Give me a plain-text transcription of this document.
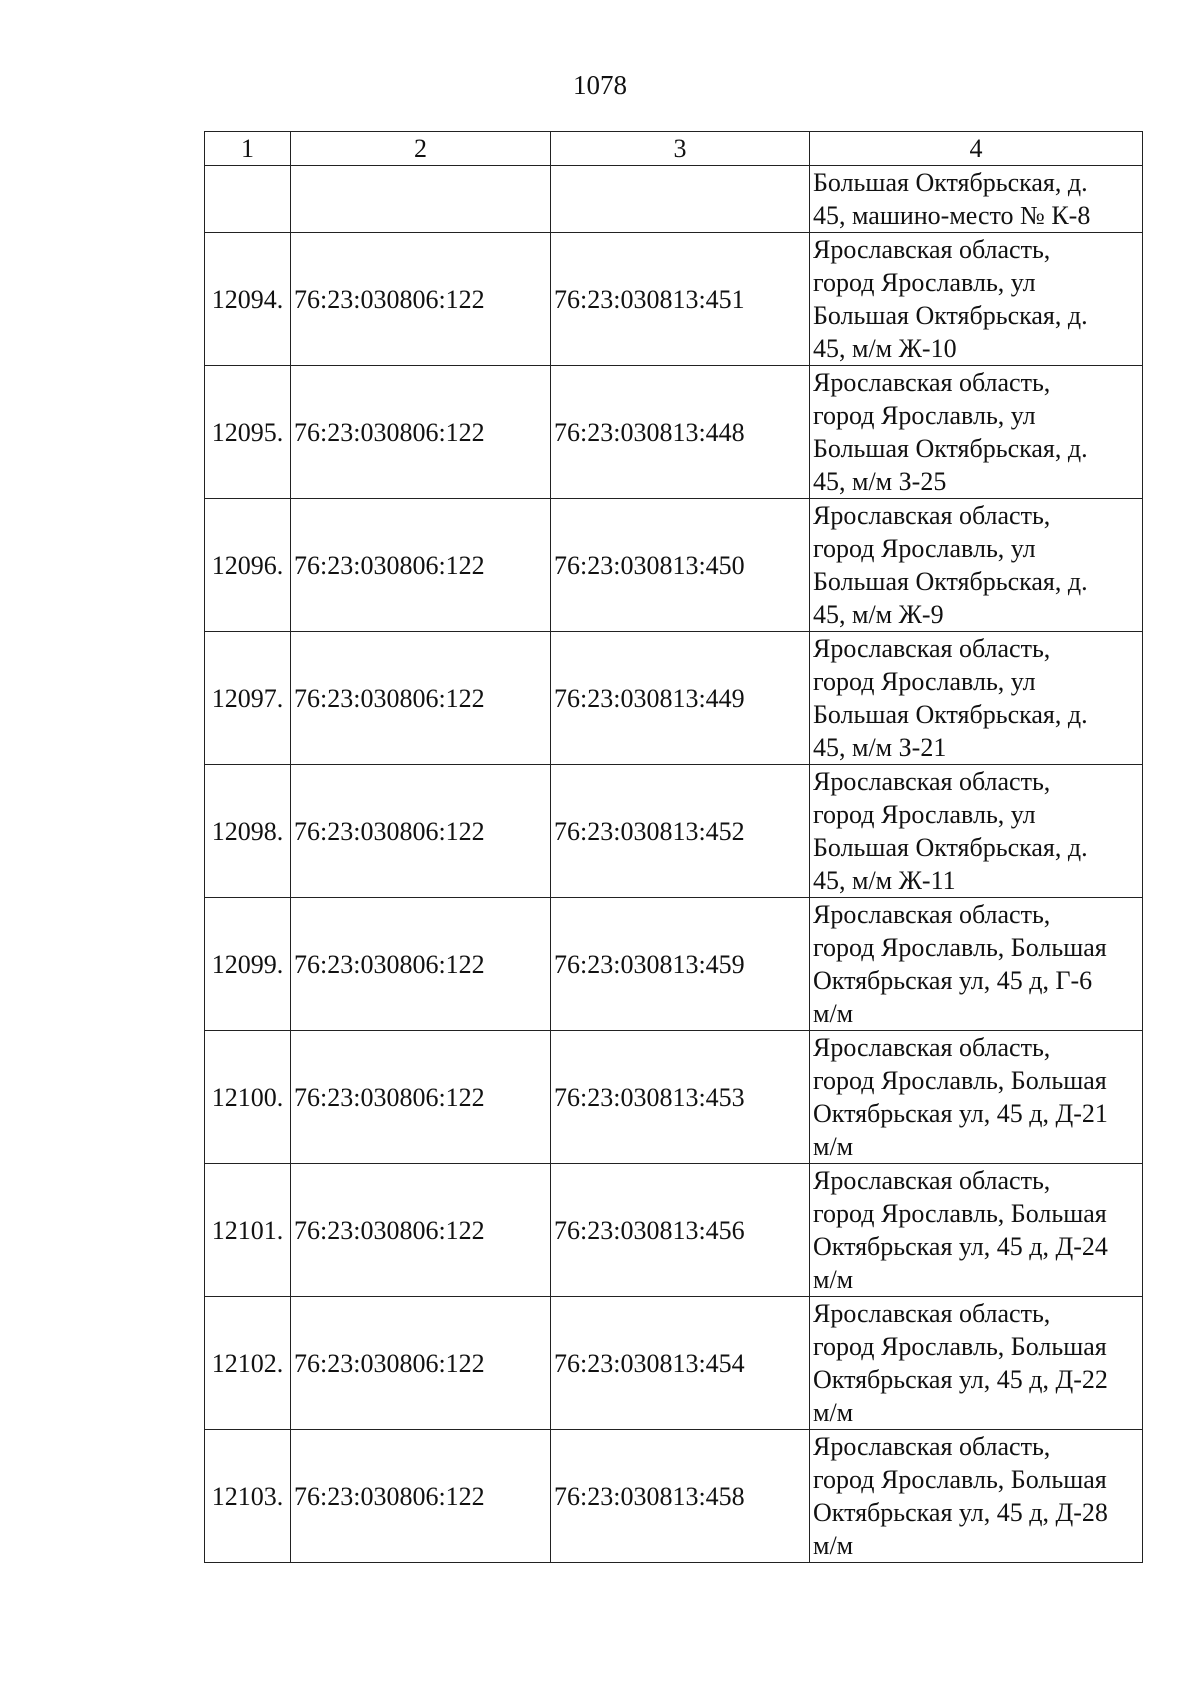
1078
1	2	3	4
			Большая Октябрьская, д.
45, машино-место № К-8
12094.	76:23:030806:122	76:23:030813:451	Ярославская область,
город Ярославль, ул
Большая Октябрьская, д.
45, м/м Ж-10
12095.	76:23:030806:122	76:23:030813:448	Ярославская область,
город Ярославль, ул
Большая Октябрьская, д.
45, м/м З-25
12096.	76:23:030806:122	76:23:030813:450	Ярославская область,
город Ярославль, ул
Большая Октябрьская, д.
45, м/м Ж-9
12097.	76:23:030806:122	76:23:030813:449	Ярославская область,
город Ярославль, ул
Большая Октябрьская, д.
45, м/м З-21
12098.	76:23:030806:122	76:23:030813:452	Ярославская область,
город Ярославль, ул
Большая Октябрьская, д.
45, м/м Ж-11
12099.	76:23:030806:122	76:23:030813:459	Ярославская область,
город Ярославль, Большая
Октябрьская ул, 45 д, Г-6
м/м
12100.	76:23:030806:122	76:23:030813:453	Ярославская область,
город Ярославль, Большая
Октябрьская ул, 45 д, Д-21
м/м
12101.	76:23:030806:122	76:23:030813:456	Ярославская область,
город Ярославль, Большая
Октябрьская ул, 45 д, Д-24
м/м
12102.	76:23:030806:122	76:23:030813:454	Ярославская область,
город Ярославль, Большая
Октябрьская ул, 45 д, Д-22
м/м
12103.	76:23:030806:122	76:23:030813:458	Ярославская область,
город Ярославль, Большая
Октябрьская ул, 45 д, Д-28
м/м
